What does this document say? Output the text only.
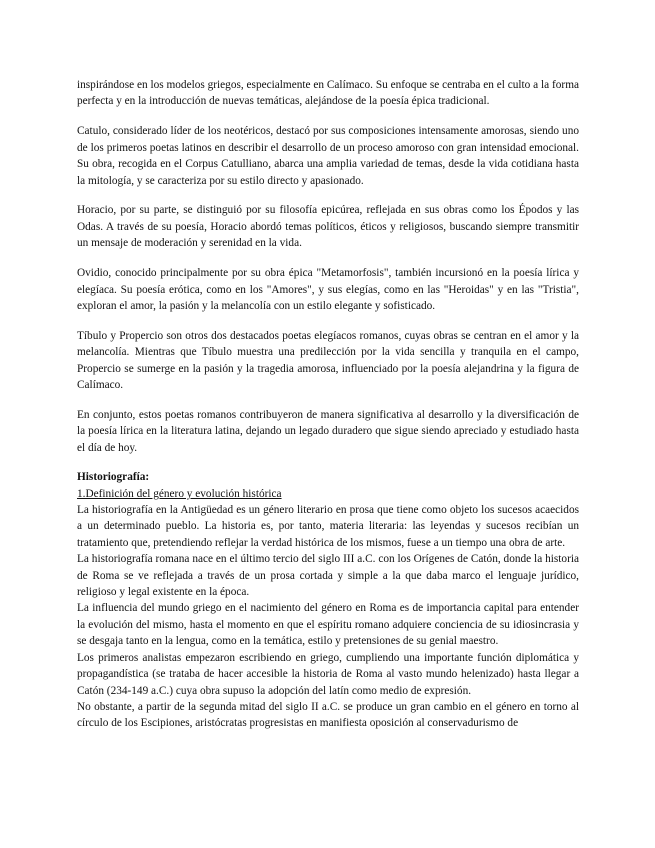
inspirándose en los modelos griegos, especialmente en Calímaco. Su enfoque se centraba en el culto a la forma perfecta y en la introducción de nuevas temáticas, alejándose de la poesía épica tradicional.

Catulo, considerado líder de los neotéricos, destacó por sus composiciones intensamente amorosas, siendo uno de los primeros poetas latinos en describir el desarrollo de un proceso amoroso con gran intensidad emocional. Su obra, recogida en el Corpus Catulliano, abarca una amplia variedad de temas, desde la vida cotidiana hasta la mitología, y se caracteriza por su estilo directo y apasionado.

Horacio, por su parte, se distinguió por su filosofía epicúrea, reflejada en sus obras como los Épodos y las Odas. A través de su poesía, Horacio abordó temas políticos, éticos y religiosos, buscando siempre transmitir un mensaje de moderación y serenidad en la vida.

Ovidio, conocido principalmente por su obra épica "Metamorfosis", también incursionó en la poesía lírica y elegíaca. Su poesía erótica, como en los "Amores", y sus elegías, como en las "Heroidas" y en las "Tristia", exploran el amor, la pasión y la melancolía con un estilo elegante y sofisticado.

Tíbulo y Propercio son otros dos destacados poetas elegíacos romanos, cuyas obras se centran en el amor y la melancolía. Mientras que Tíbulo muestra una predilección por la vida sencilla y tranquila en el campo, Propercio se sumerge en la pasión y la tragedia amorosa, influenciado por la poesía alejandrina y la figura de Calímaco.

En conjunto, estos poetas romanos contribuyeron de manera significativa al desarrollo y la diversificación de la poesía lírica en la literatura latina, dejando un legado duradero que sigue siendo apreciado y estudiado hasta el día de hoy.

Historiografía:
1.Definición del género y evolución histórica

La historiografía en la Antigüedad es un género literario en prosa que tiene como objeto los sucesos acaecidos a un determinado pueblo. La historia es, por tanto, materia literaria: las leyendas y sucesos recibían un tratamiento que, pretendiendo reflejar la verdad histórica de los mismos, fuese a un tiempo una obra de arte.

La historiografía romana nace en el último tercio del siglo III a.C. con los Orígenes de Catón, donde la historia de Roma se ve reflejada a través de un prosa cortada y simple a la que daba marco el lenguaje jurídico, religioso y legal existente en la época.

La influencia del mundo griego en el nacimiento del género en Roma es de importancia capital para entender la evolución del mismo, hasta el momento en que el espíritu romano adquiere conciencia de su idiosincrasia y se desgaja tanto en la lengua, como en la temática, estilo y pretensiones de su genial maestro.

Los primeros analistas empezaron escribiendo en griego, cumpliendo una importante función diplomática y propagandística (se trataba de hacer accesible la historia de Roma al vasto mundo helenizado) hasta llegar a Catón (234-149 a.C.) cuya obra supuso la adopción del latín como medio de expresión.

No obstante, a partir de la segunda mitad del siglo II a.C. se produce un gran cambio en el género en torno al círculo de los Escipiones, aristócratas progresistas en manifiesta oposición al conservadurismo de
